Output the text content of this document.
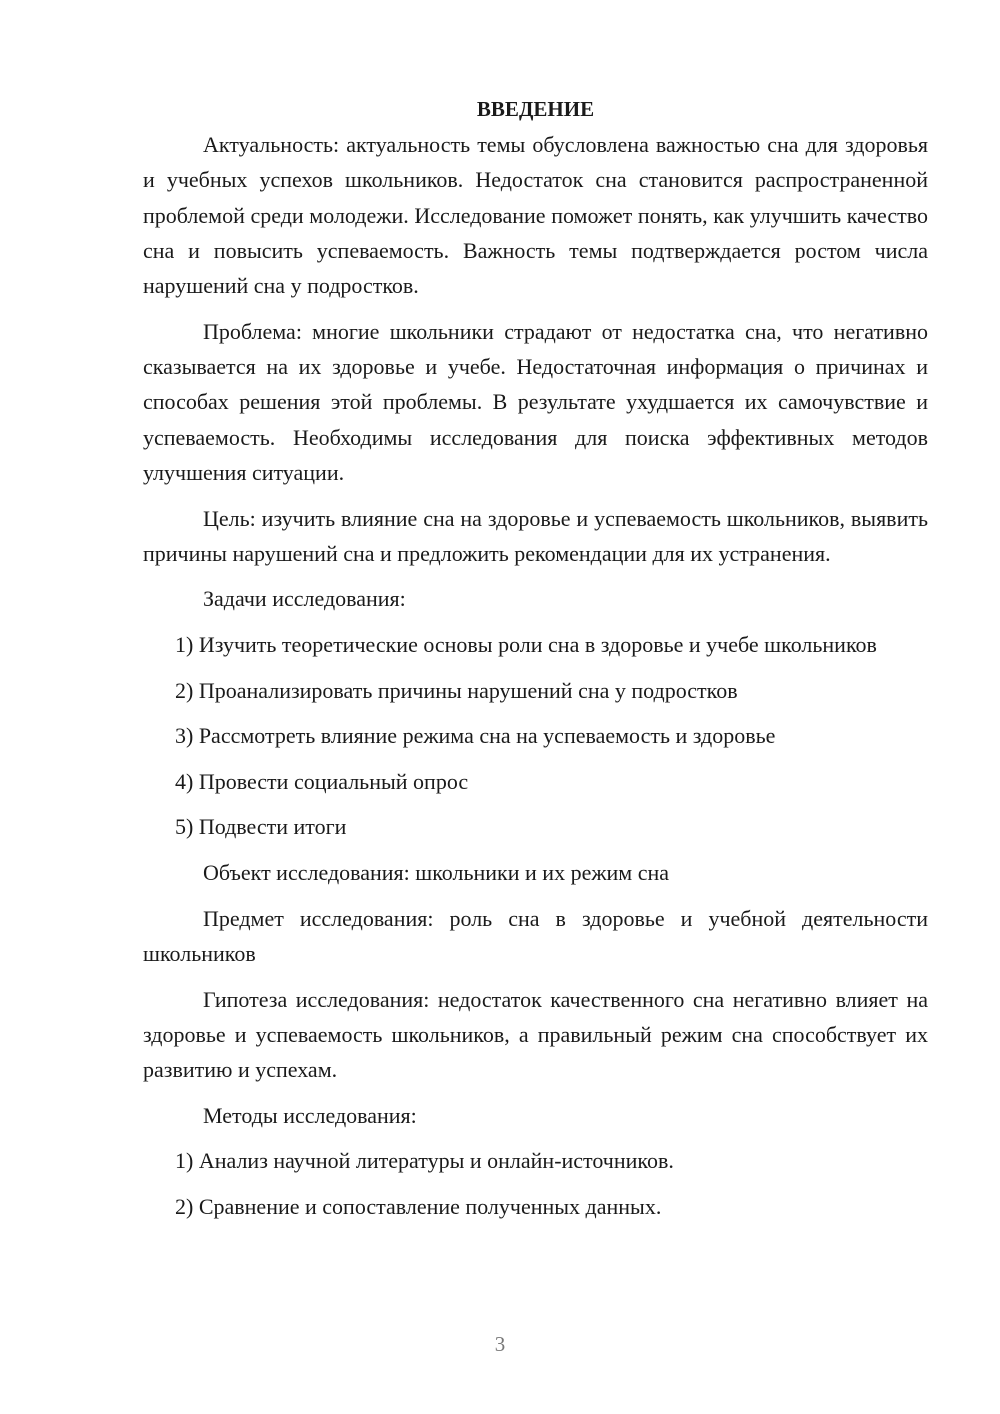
ВВЕДЕНИЕ

Актуальность: актуальность темы обусловлена важностью сна для здоровья и учебных успехов школьников. Недостаток сна становится распространенной проблемой среди молодежи. Исследование поможет понять, как улучшить качество сна и повысить успеваемость. Важность темы подтверждается ростом числа нарушений сна у подростков.

Проблема: многие школьники страдают от недостатка сна, что негативно сказывается на их здоровье и учебе. Недостаточная информация о причинах и способах решения этой проблемы. В результате ухудшается их самочувствие и успеваемость. Необходимы исследования для поиска эффективных методов улучшения ситуации.

Цель: изучить влияние сна на здоровье и успеваемость школьников, выявить причины нарушений сна и предложить рекомендации для их устранения.

Задачи исследования:

1) Изучить теоретические основы роли сна в здоровье и учебе школьников

2) Проанализировать причины нарушений сна у подростков

3) Рассмотреть влияние режима сна на успеваемость и здоровье

4) Провести социальный опрос

5) Подвести итоги

Объект исследования: школьники и их режим сна

Предмет исследования: роль сна в здоровье и учебной деятельности школьников

Гипотеза исследования: недостаток качественного сна негативно влияет на здоровье и успеваемость школьников, а правильный режим сна способствует их развитию и успехам.

Методы исследования:

1) Анализ научной литературы и онлайн-источников.

2) Сравнение и сопоставление полученных данных.

3
